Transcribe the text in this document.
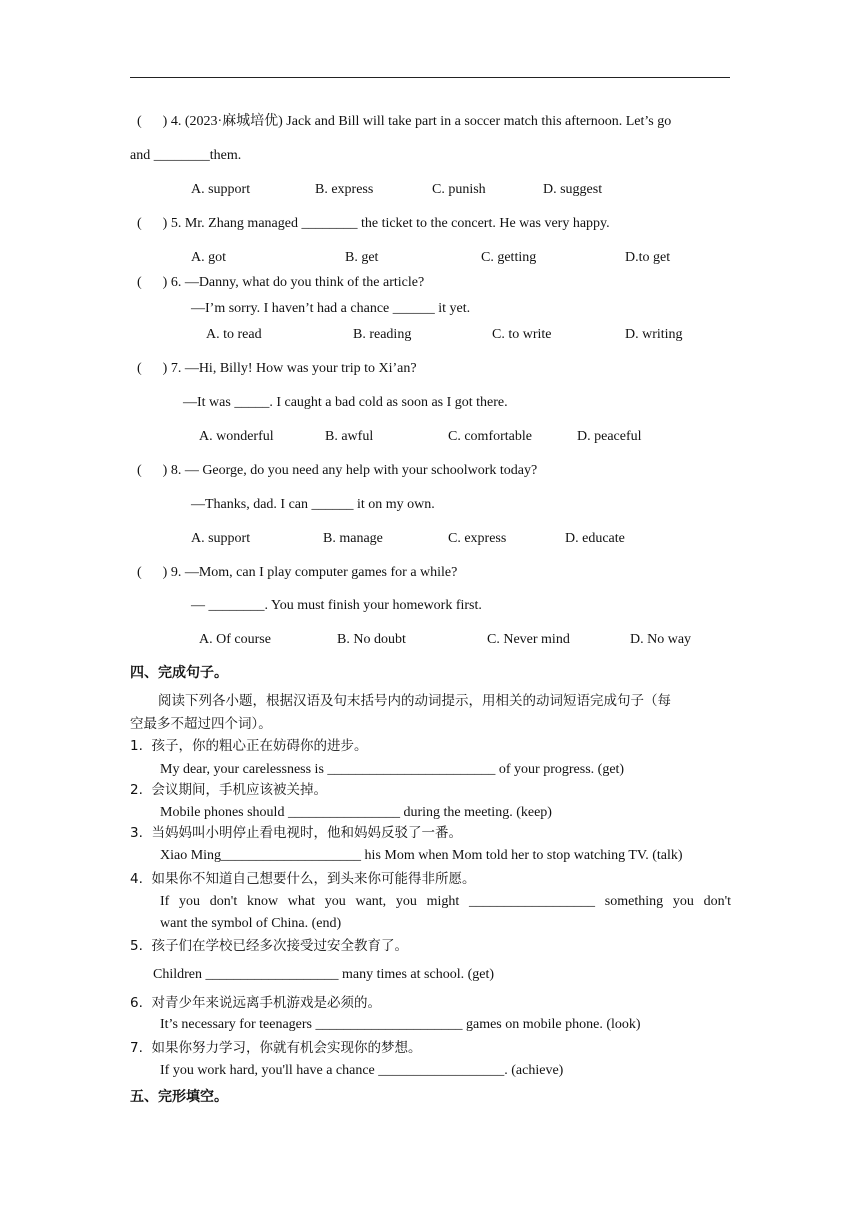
(      ) 4. (2023·麻城培优) Jack and Bill will take part in a soccer match this afternoon. Let’s go
and ________them.
A. support	B. express	C. punish	D. suggest
(      ) 5. Mr. Zhang managed ________ the ticket to the concert. He was very happy.
A. got	B. get	C. getting	D.to get
(      ) 6. —Danny, what do you think of the article?
—I’m sorry. I haven’t had a chance ______ it yet.
A. to read	B. reading	C. to write	D. writing
(      ) 7. —Hi, Billy! How was your trip to Xi’an?
—It was _____. I caught a bad cold as soon as I got there.
A. wonderful	B. awful	C. comfortable	D. peaceful
(      ) 8. — George, do you need any help with your schoolwork today?
—Thanks, dad. I can ______ it on my own.
A. support	B. manage	C. express	D. educate
(      ) 9. —Mom, can I play computer games for a while?
— ________. You must finish your homework first.
A. Of course	B. No doubt	C. Never mind	D. No way
四、完成句子。
阅读下列各小题，根据汉语及句末括号内的动词提示，用相关的动词短语完成句子（每
空最多不超过四个词）。
1.  孩子，你的粗心正在妨碍你的进步。
My dear, your carelessness is ________________________ of your progress. (get)
2.  会议期间，手机应该被关掉。
Mobile phones should ________________ during the meeting. (keep)
3.  当妈妈叫小明停止看电视时，他和妈妈反驳了一番。
Xiao Ming____________________ his Mom when Mom told her to stop watching TV. (talk)
4.  如果你不知道自己想要什么，到头来你可能得非所愿。
If you don't know what you want, you might __________________ something you don't
want the symbol of China. (end)
5.  孩子们在学校已经多次接受过安全教育了。
Children ___________________ many times at school. (get)
6.  对青少年来说远离手机游戏是必须的。
It’s necessary for teenagers _____________________ games on mobile phone. (look)
7.  如果你努力学习，你就有机会实现你的梦想。
If you work hard, you'll have a chance __________________. (achieve)
五、完形填空。
